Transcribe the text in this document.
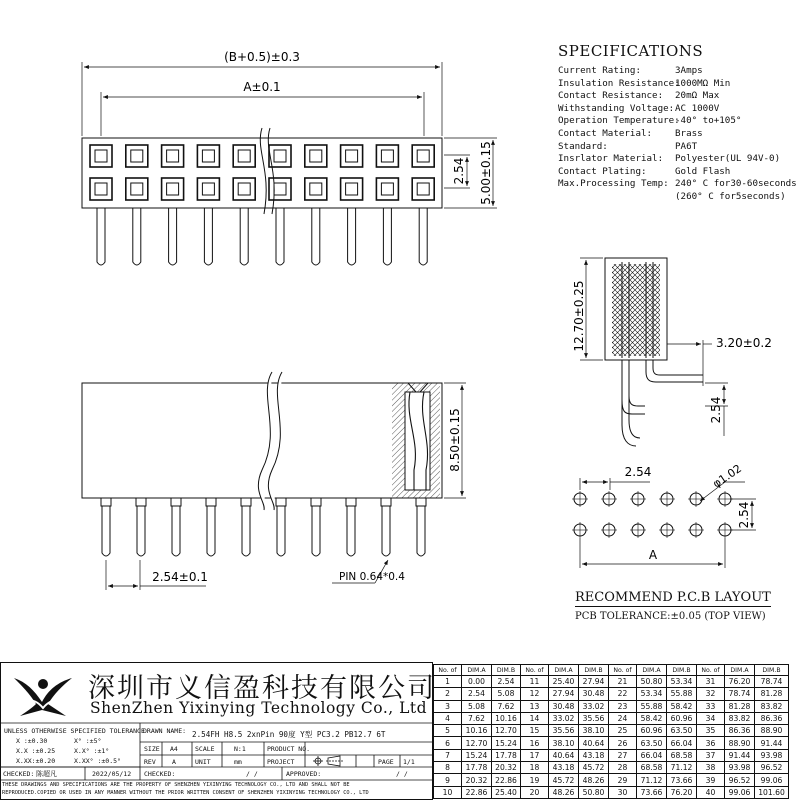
(B+0.5)±0.3
A±0.1
2.54 5.00±0.15
8.50±0.15
2.54±0.1	PIN 0.64*0.4
12.70±0.25	3.20±0.2
2.54
2.54	φ1.02
2.54
A
SPECIFICATIONS
Current Rating:	3Amps
Insulation Resistance:
1000MΩ Min
Contact Resistance:	20mΩ Max
Withstanding Voltage: AC 1000V
Operation Temperature:
-40° to+105°
Contact Material:	Brass
Standard:	PA6T
Insrlator Material:	Polyester(UL 94V-0)
Contact Plating:	Gold Flash
Max.Processing Temp: 240° C for30-60seconds
(260° C for5seconds)
RECOMMEND P.C.B LAYOUT
PCB TOLERANCE:±0.05 (TOP VIEW)
深圳市义信盈科技有限公司
ShenZhen Yixinying Technology Co., Ltd
UNLESS OTHERWISE SPECIFIED TOLERANCE
X :±0.30
X.X :±0.25
X.XX:±0.20
X° :±5°
X.X° :±1°
X.XX° :±0.5°
DRAWN NAME: 2.54FH H8.5 2xnPin 90度 Y型 PC3.2 PB12.7 6T
SIZE A4	SCALE	N:1	PRODUCT NO.
REV	A	UNIT	mm	PROJECT	PAGE 1/1
CHECKED: 陈超凡	2022/05/12 CHECKED:	/ /	APPROVED:	/ /
THESE DRAWINGS AND SPECIFICATIONS ARE THE PROPERTY OF SHENZHEN YIXINYING TECHNOLOGY CO., LTD AND SHALL NOT BE
REPRODUCED.COPIED OR USED IN ANY MANNER WITHOUT THE PRIOR WRITTEN CONSENT OF SHENZHEN YIXINYING TECHNOLOGY CO., LTD
No. of	DIM.A	DIM.B	No. of	DIM.A	DIM.B	No. of	DIM.A	DIM.B	No. of	DIM.A	DIM.B
1	0.00	2.54	11	25.40	27.94	21	50.80	53.34	31	76.20	78.74
2	2.54	5.08	12	27.94	30.48	22	53.34	55.88	32	78.74	81.28
3	5.08	7.62	13	30.48	33.02	23	55.88	58.42	33	81.28	83.82
4	7.62	10.16	14	33.02	35.56	24	58.42	60.96	34	83.82	86.36
5	10.16	12.70	15	35.56	38.10	25	60.96	63.50	35	86.36	88.90
6	12.70	15.24	16	38.10	40.64	26	63.50	66.04	36	88.90	91.44
7	15.24	17.78	17	40.64	43.18	27	66.04	68.58	37	91.44	93.98
8	17.78	20.32	18	43.18	45.72	28	68.58	71.12	38	93.98	96.52
9	20.32	22.86	19	45.72	48.26	29	71.12	73.66	39	96.52	99.06
10	22.86	25.40	20	48.26	50.80	30	73.66	76.20	40	99.06	101.60
